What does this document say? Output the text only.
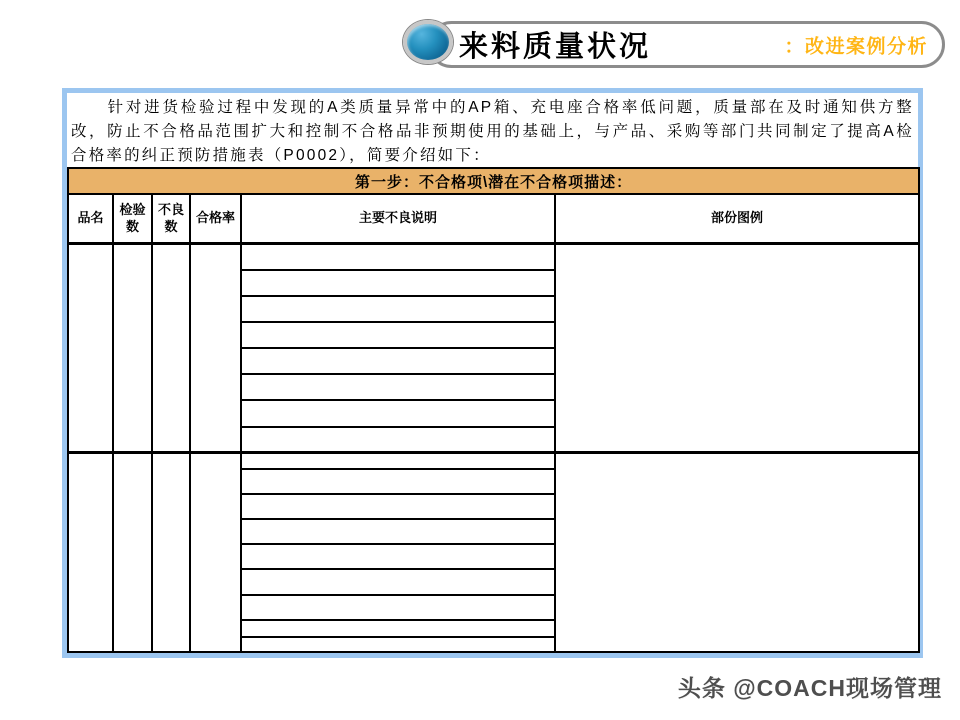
来料质量状况	：改进案例分析
　　针对进货检验过程中发现的A类质量异常中的AP箱、充电座合格率低问题，质量部在及时通知供方整改，防止不合格品范围扩大和控制不合格品非预期使用的基础上，与产品、采购等部门共同制定了提高A检合格率的纠正预防措施表（P0002），简要介绍如下：
第一步：不合格项\潜在不合格项描述：					
品名	检验数	不良数	合格率	主要不良说明	部份图例

头条 @COACH现场管理
